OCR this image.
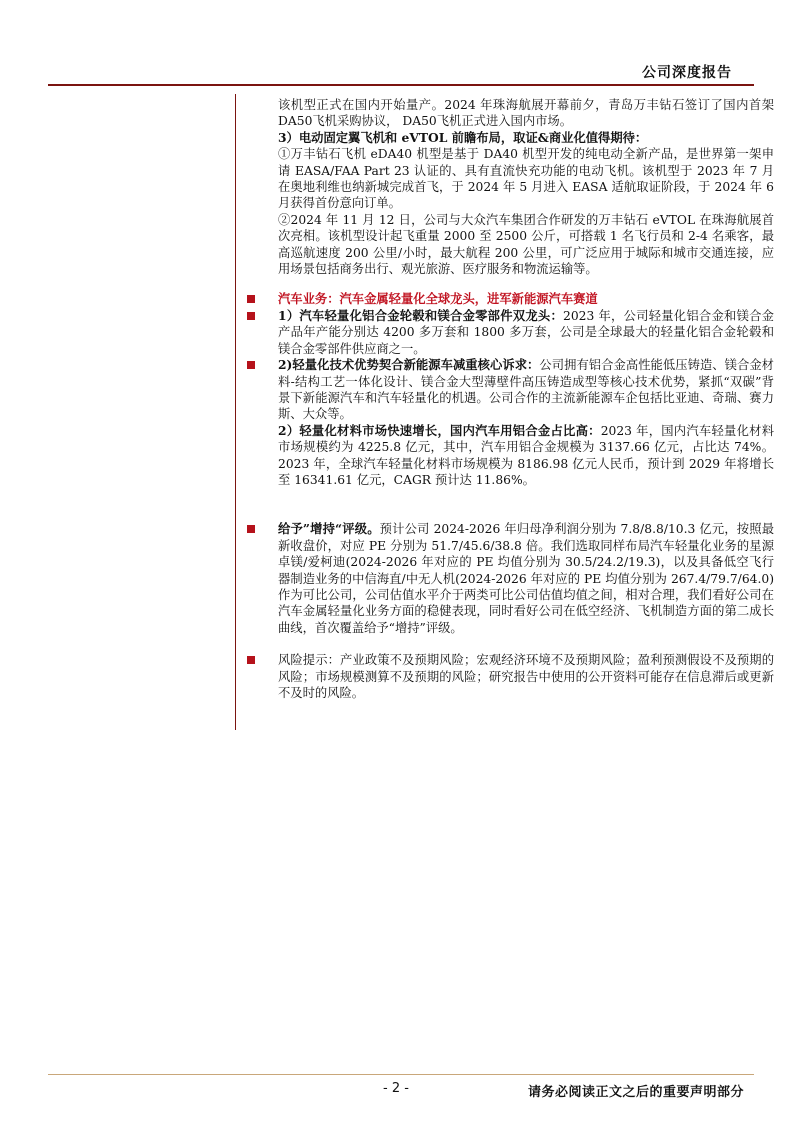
公司深度报告

该机型正式在国内开始量产。2024 年珠海航展开幕前夕，青岛万丰钻石签订了国内首架 DA50飞机采购协议， DA50飞机正式进入国内市场。

3）电动固定翼飞机和 eVTOL 前瞻布局，取证&商业化值得期待：

①万丰钻石飞机 eDA40 机型是基于 DA40 机型开发的纯电动全新产品，是世界第一架申请 EASA/FAA Part 23 认证的、具有直流快充功能的电动飞机。该机型于 2023 年 7 月在奥地利维也纳新城完成首飞，于 2024 年 5 月进入 EASA 适航取证阶段，于 2024 年 6 月获得首份意向订单。

②2024 年 11 月 12 日，公司与大众汽车集团合作研发的万丰钻石 eVTOL 在珠海航展首次亮相。该机型设计起飞重量 2000 至 2500 公斤，可搭载 1 名飞行员和 2-4 名乘客，最高巡航速度 200 公里/小时，最大航程 200 公里，可广泛应用于城际和城市交通连接，应用场景包括商务出行、观光旅游、医疗服务和物流运输等。

汽车业务：汽车金属轻量化全球龙头，进军新能源汽车赛道

1）汽车轻量化铝合金轮毂和镁合金零部件双龙头：2023 年，公司轻量化铝合金和镁合金产品年产能分别达 4200 多万套和 1800 多万套，公司是全球最大的轻量化铝合金轮毂和镁合金零部件供应商之一。

2)轻量化技术优势契合新能源车减重核心诉求：公司拥有铝合金高性能低压铸造、镁合金材料-结构工艺一体化设计、镁合金大型薄壁件高压铸造成型等核心技术优势，紧抓“双碳”背景下新能源汽车和汽车轻量化的机遇。公司合作的主流新能源车企包括比亚迪、奇瑞、赛力斯、大众等。

2）轻量化材料市场快速增长，国内汽车用铝合金占比高：2023 年，国内汽车轻量化材料市场规模约为 4225.8 亿元，其中，汽车用铝合金规模为 3137.66 亿元，占比达 74%。2023 年，全球汽车轻量化材料市场规模为 8186.98 亿元人民币，预计到 2029 年将增长至 16341.61 亿元，CAGR 预计达 11.86%。

给予”增持“评级。预计公司 2024-2026 年归母净利润分别为 7.8/8.8/10.3 亿元，按照最新收盘价，对应 PE 分别为 51.7/45.6/38.8 倍。我们选取同样布局汽车轻量化业务的星源卓镁/爱柯迪(2024-2026 年对应的 PE 均值分别为 30.5/24.2/19.3)，以及具备低空飞行器制造业务的中信海直/中无人机(2024-2026 年对应的 PE 均值分别为 267.4/79.7/64.0)作为可比公司，公司估值水平介于两类可比公司估值均值之间，相对合理，我们看好公司在汽车金属轻量化业务方面的稳健表现，同时看好公司在低空经济、飞机制造方面的第二成长曲线，首次覆盖给予“增持”评级。

风险提示：产业政策不及预期风险；宏观经济环境不及预期风险；盈利预测假设不及预期的风险；市场规模测算不及预期的风险；研究报告中使用的公开资料可能存在信息滞后或更新不及时的风险。

- 2 -	请务必阅读正文之后的重要声明部分
